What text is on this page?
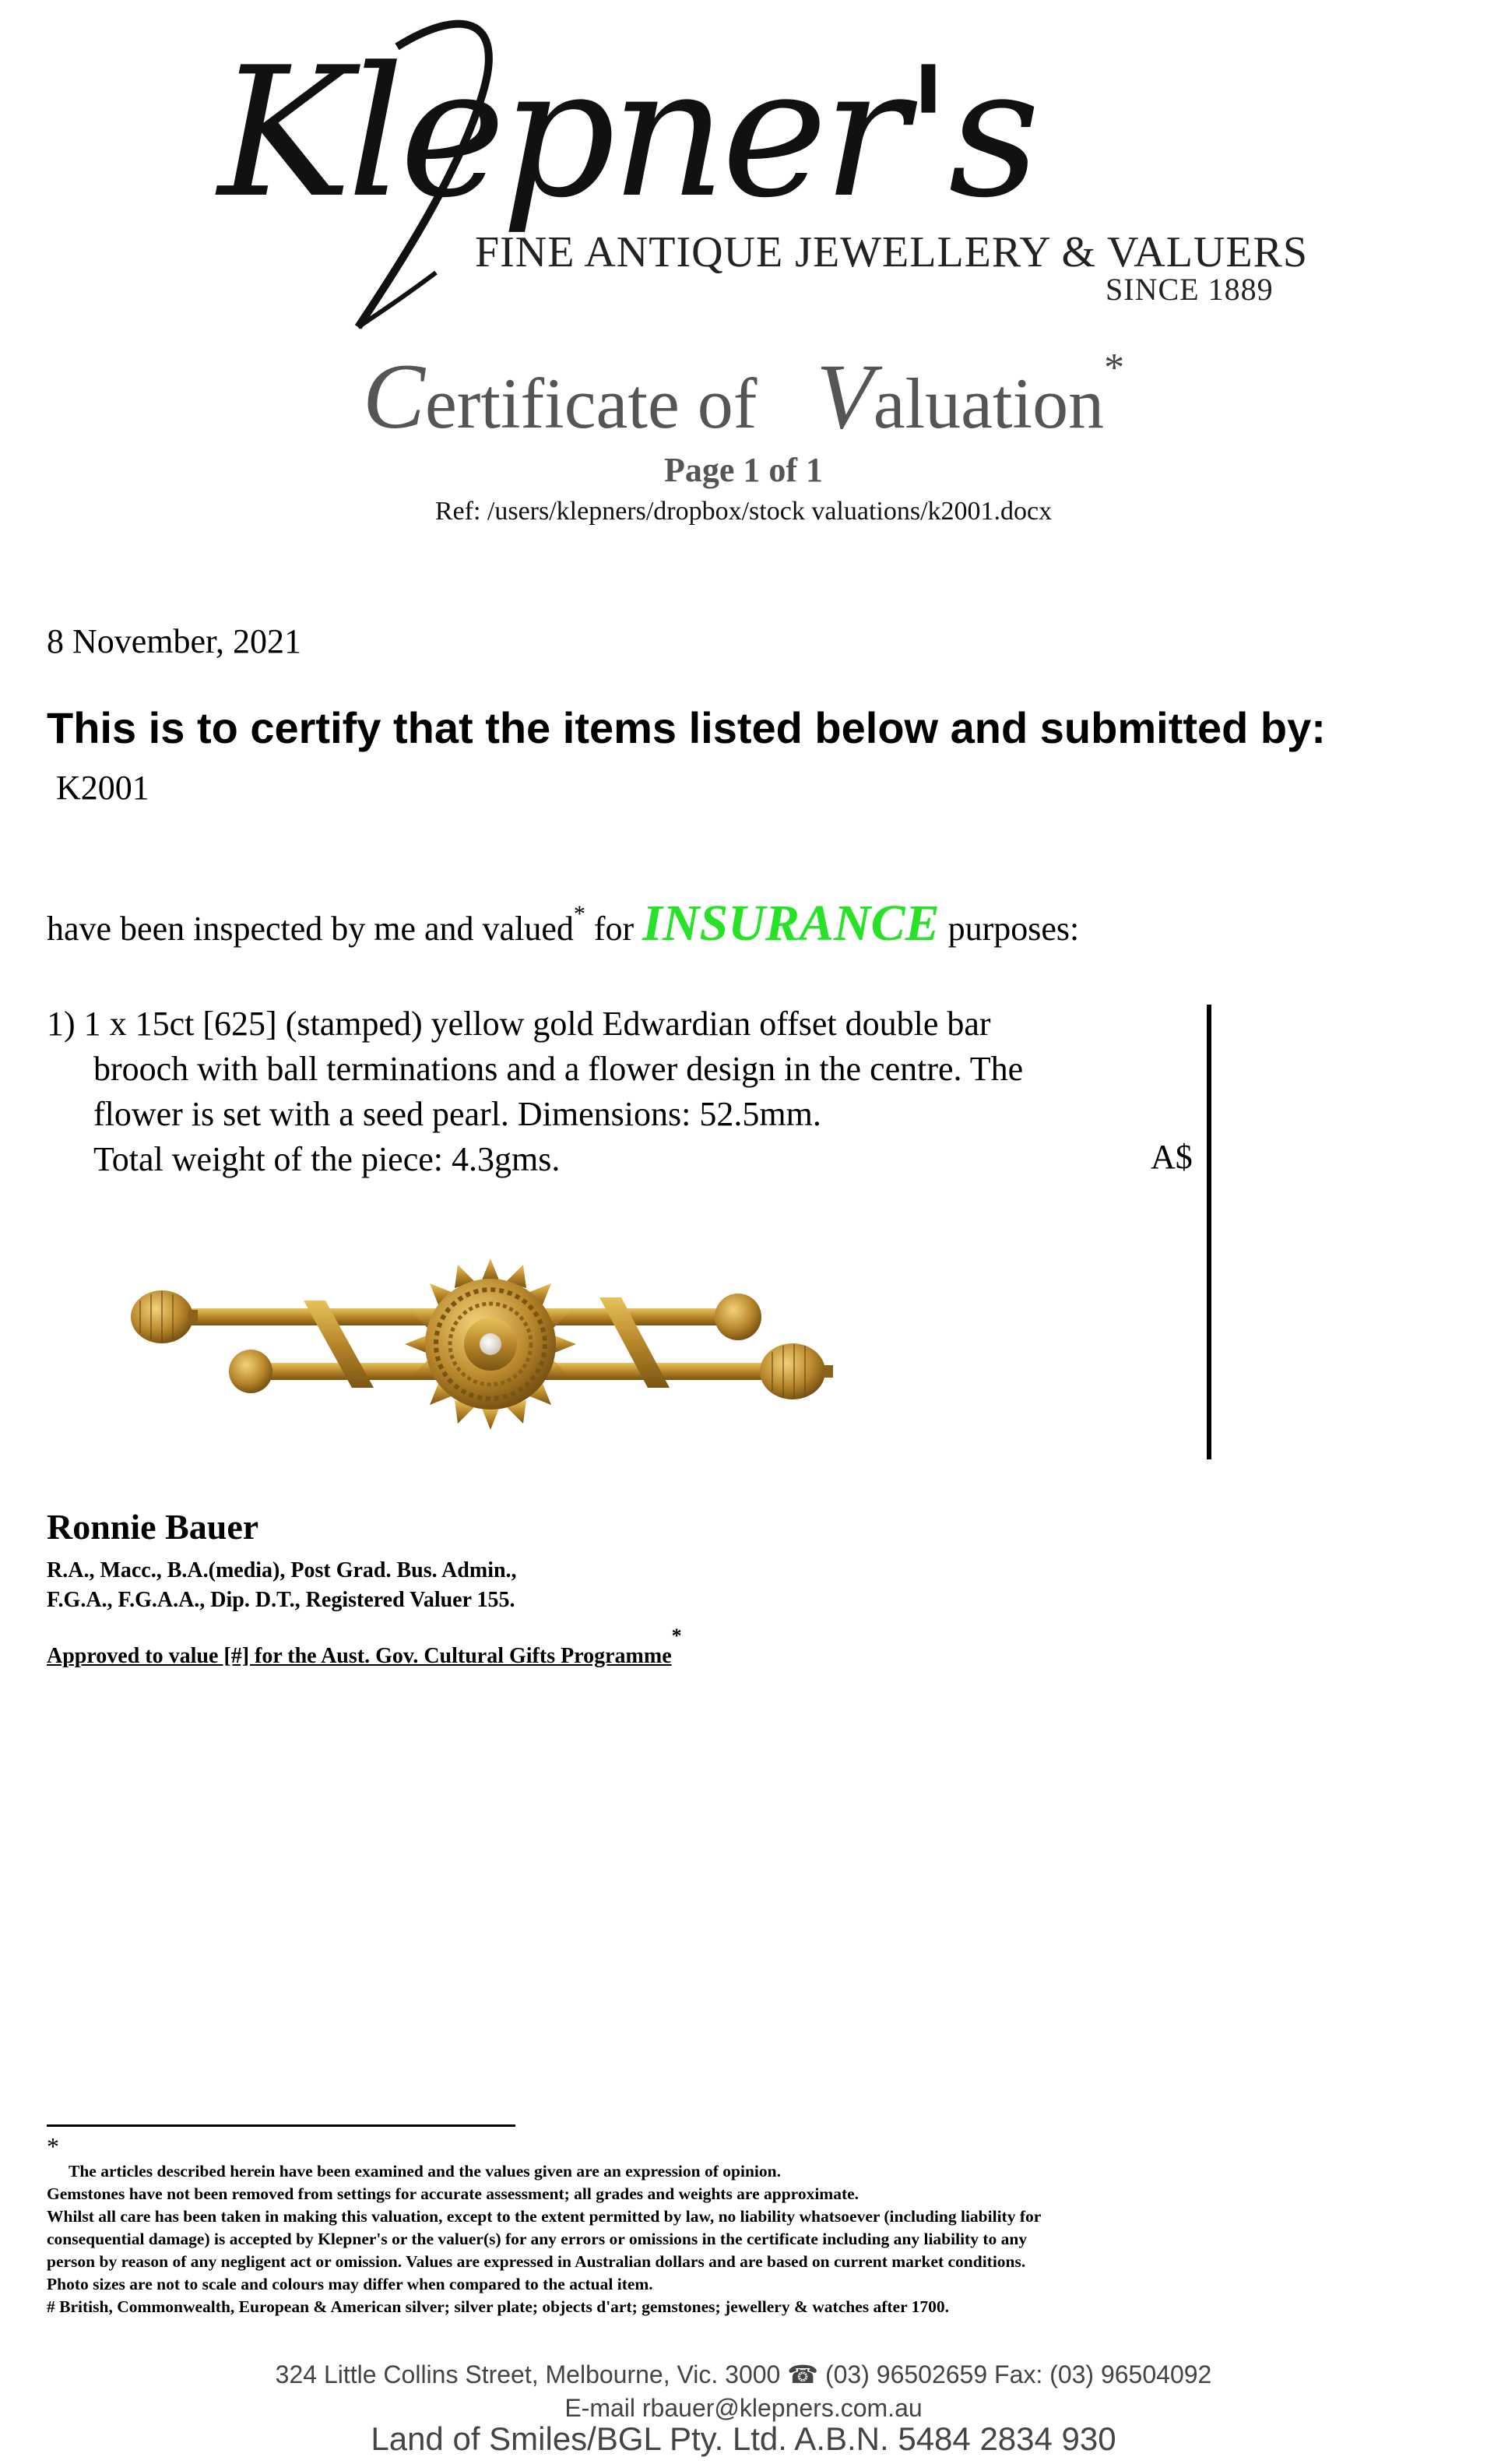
Klepner's
FINE ANTIQUE JEWELLERY & VALUERS
SINCE 1889
Certificate of Valuation*
Page 1 of 1
Ref: /users/klepners/dropbox/stock valuations/k2001.docx
8 November, 2021
This is to certify that the items listed below and submitted by:
K2001
have been inspected by me and valued* for INSURANCE purposes:
1) 1 x 15ct [625] (stamped) yellow gold Edwardian offset double bar
brooch with ball terminations and a flower design in the centre. The
flower is set with a seed pearl. Dimensions: 52.5mm.
Total weight of the piece: 4.3gms.	A$
Ronnie Bauer
R.A., Macc., B.A.(media), Post Grad. Bus. Admin.,
F.G.A., F.G.A.A., Dip. D.T., Registered Valuer 155.
Approved to value [#] for the Aust. Gov. Cultural Gifts Programme*
*
The articles described herein have been examined and the values given are an expression of opinion.
Gemstones have not been removed from settings for accurate assessment; all grades and weights are approximate.
Whilst all care has been taken in making this valuation, except to the extent permitted by law, no liability whatsoever (including liability for
consequential damage) is accepted by Klepner's or the valuer(s) for any errors or omissions in the certificate including any liability to any
person by reason of any negligent act or omission. Values are expressed in Australian dollars and are based on current market conditions.
Photo sizes are not to scale and colours may differ when compared to the actual item.
# British, Commonwealth, European & American silver; silver plate; objects d'art; gemstones; jewellery & watches after 1700.
324 Little Collins Street, Melbourne, Vic. 3000 ☎ (03) 96502659 Fax: (03) 96504092
E-mail rbauer@klepners.com.au
Land of Smiles/BGL Pty. Ltd. A.B.N. 5484 2834 930
